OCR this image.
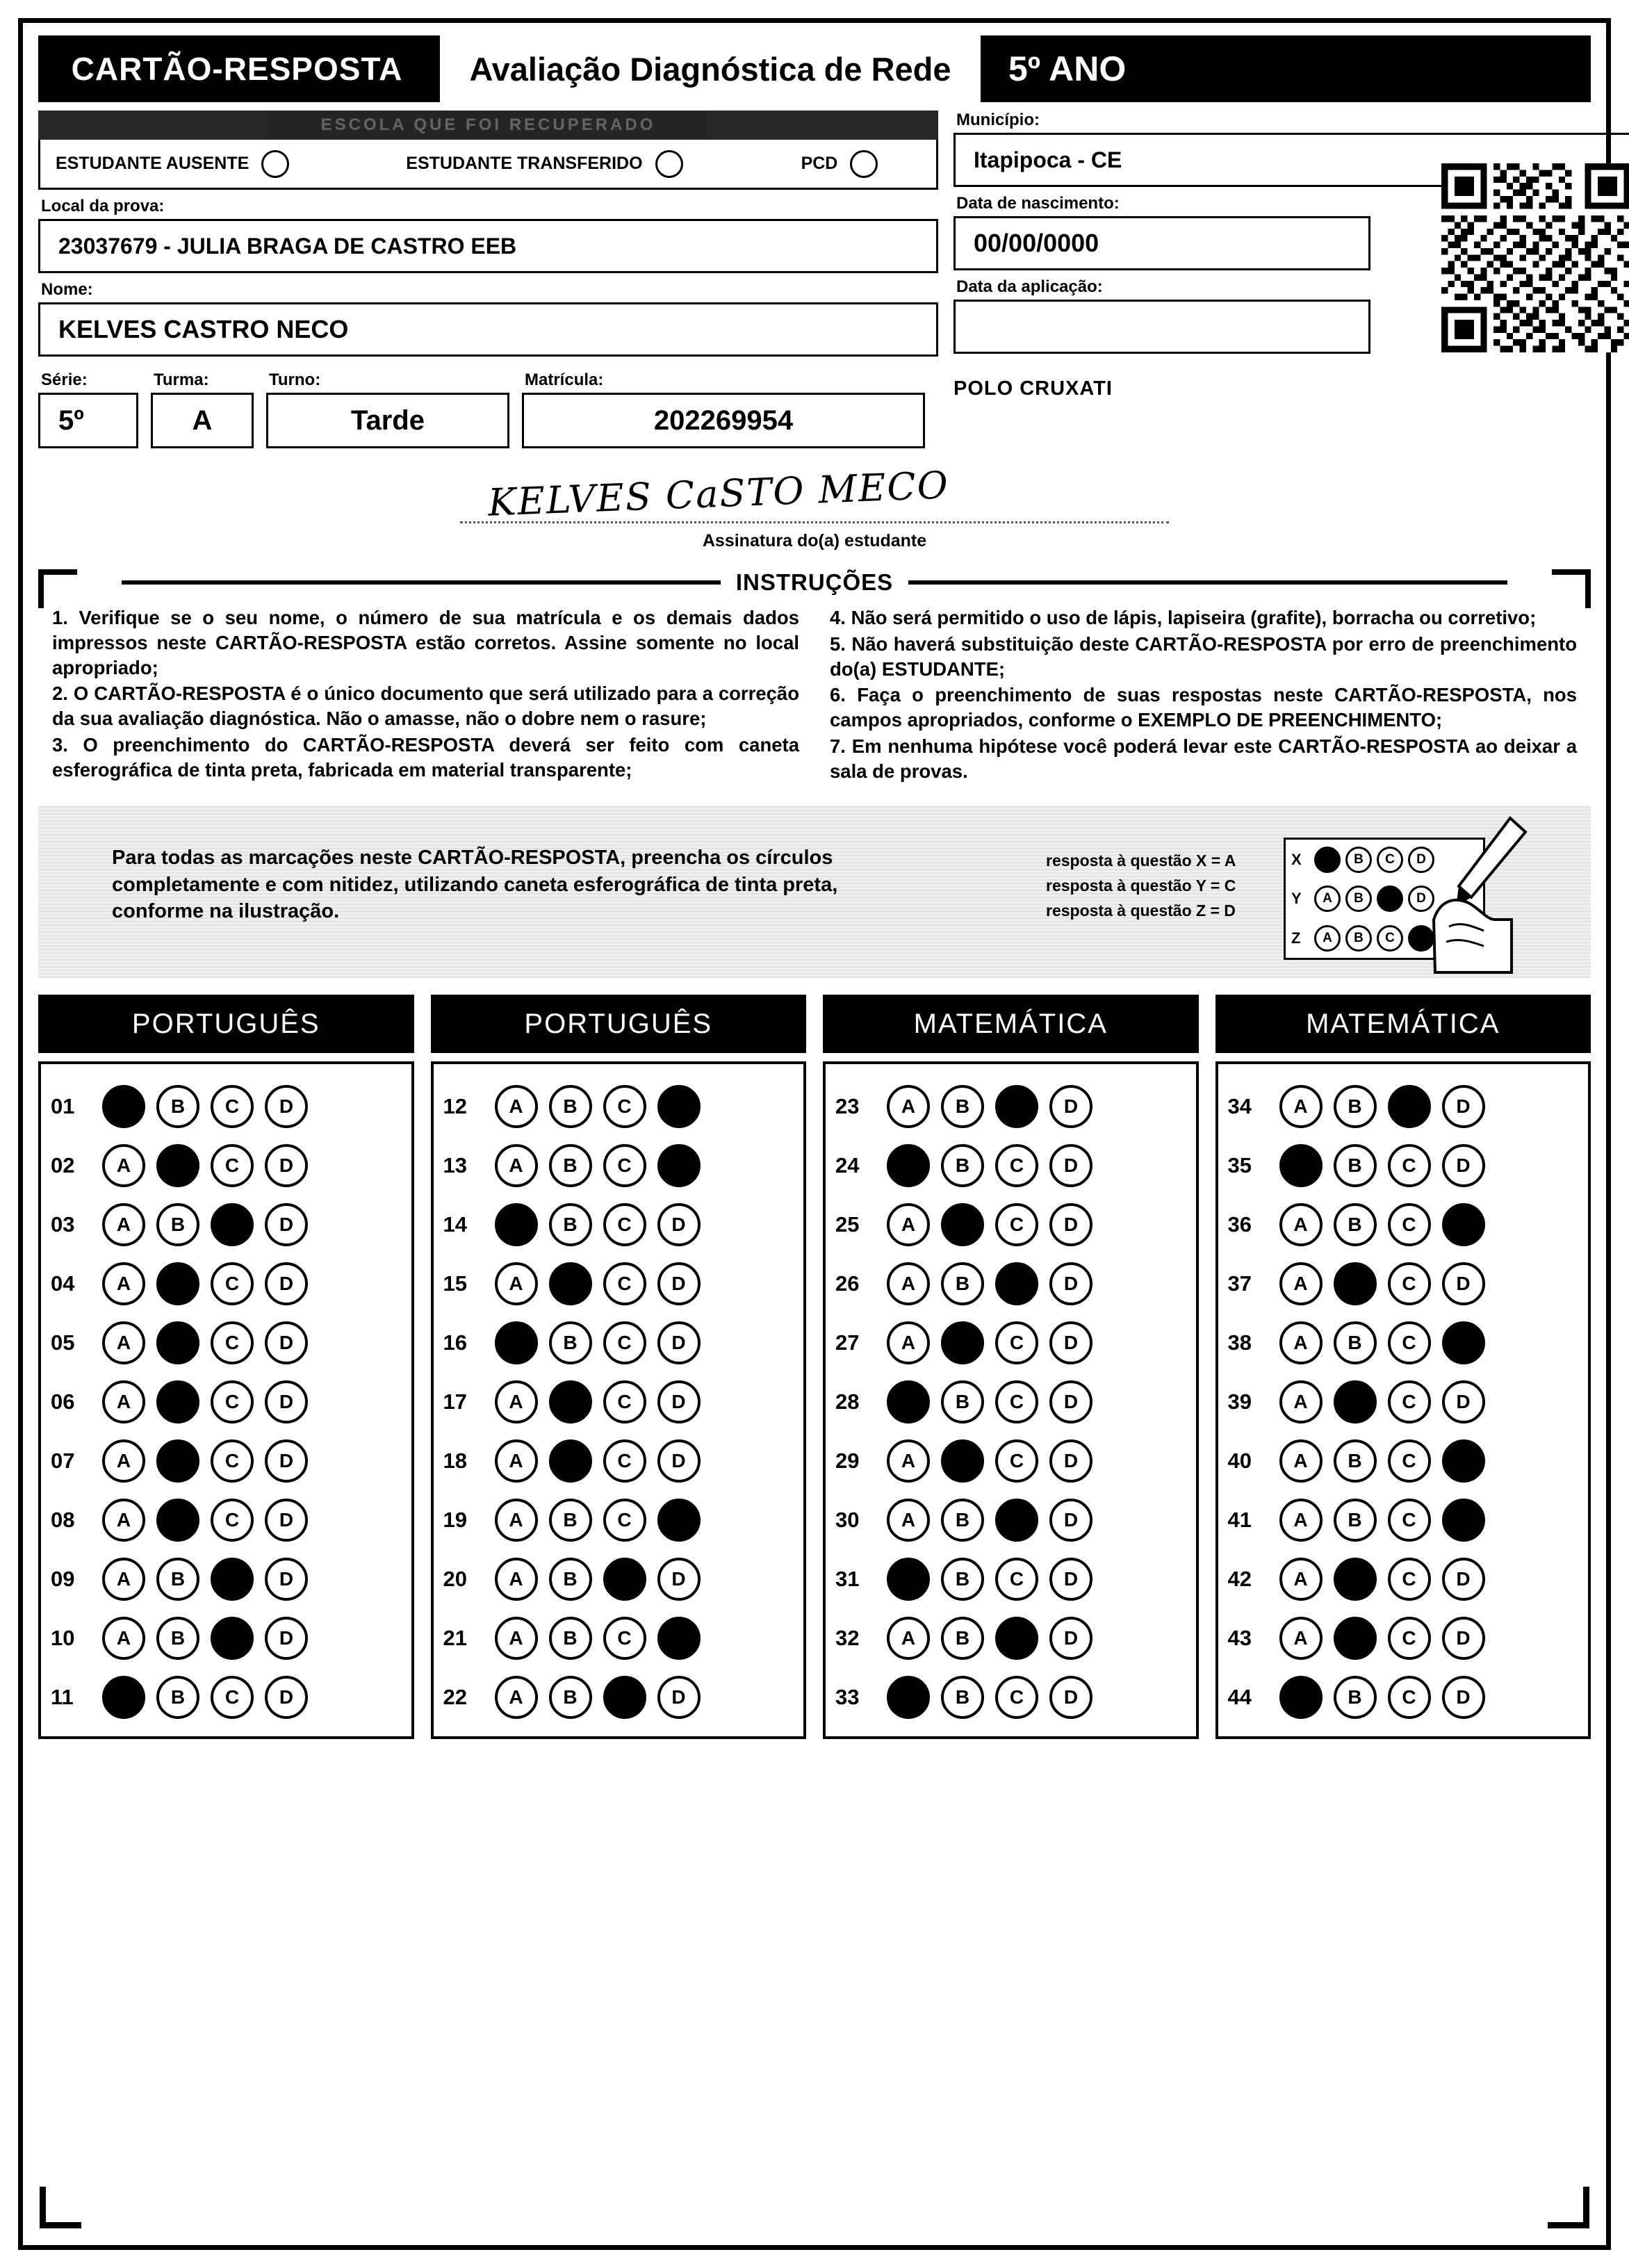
CARTÃO-RESPOSTA Avaliação Diagnóstica de Rede 5º ANO
ESCOLA QUE FOI RECUPERADO
ESTUDANTE AUSENTE	ESTUDANTE TRANSFERIDO	PCD
Local da prova:
23037679 - JULIA BRAGA DE CASTRO EEB
Nome:
KELVES CASTRO NECO
Série:
5º
Turma:
A
Turno:
Tarde
Matrícula:
202269954
Município:
Itapipoca - CE
Data de nascimento:
00/00/0000
Data da aplicação:
POLO CRUXATI
KELVES CaSTO MECO
Assinatura do(a) estudante
INSTRUÇÕES

1. Verifique se o seu nome, o número de sua matrícula e os demais dados impressos neste CARTÃO-RESPOSTA estão corretos. Assine somente no local apropriado;

2. O CARTÃO-RESPOSTA é o único documento que será utilizado para a correção da sua avaliação diagnóstica. Não o amasse, não o dobre nem o rasure;

3. O preenchimento do CARTÃO-RESPOSTA deverá ser feito com caneta esferográfica de tinta preta, fabricada em material transparente;

4. Não será permitido o uso de lápis, lapiseira (grafite), borracha ou corretivo;

5. Não haverá substituição deste CARTÃO-RESPOSTA por erro de preenchimento do(a) ESTUDANTE;

6. Faça o preenchimento de suas respostas neste CARTÃO-RESPOSTA, nos campos apropriados, conforme o EXEMPLO DE PREENCHIMENTO;

7. Em nenhuma hipótese você poderá levar este CARTÃO-RESPOSTA ao deixar a sala de provas.

Para todas as marcações neste CARTÃO-RESPOSTA, preencha os círculos completamente e com nitidez, utilizando caneta esferográfica de tinta preta, conforme na ilustração.
resposta à questão X = A
resposta à questão Y = C
resposta à questão Z = D
X	A	B	C	D
Y	A	B	C	D
Z	A	B	C	D
PORTUGUÊS
01	A	B	C	D
02	A	B	C	D
03	A	B	C	D
04	A	B	C	D
05	A	B	C	D
06	A	B	C	D
07	A	B	C	D
08	A	B	C	D
09	A	B	C	D
10	A	B	C	D
11	A	B	C	D
PORTUGUÊS
12	A	B	C	D
13	A	B	C	D
14	A	B	C	D
15	A	B	C	D
16	A	B	C	D
17	A	B	C	D
18	A	B	C	D
19	A	B	C	D
20	A	B	C	D
21	A	B	C	D
22	A	B	C	D
MATEMÁTICA
23	A	B	C	D
24	A	B	C	D
25	A	B	C	D
26	A	B	C	D
27	A	B	C	D
28	A	B	C	D
29	A	B	C	D
30	A	B	C	D
31	A	B	C	D
32	A	B	C	D
33	A	B	C	D
MATEMÁTICA
34	A	B	C	D
35	A	B	C	D
36	A	B	C	D
37	A	B	C	D
38	A	B	C	D
39	A	B	C	D
40	A	B	C	D
41	A	B	C	D
42	A	B	C	D
43	A	B	C	D
44	A	B	C	D
